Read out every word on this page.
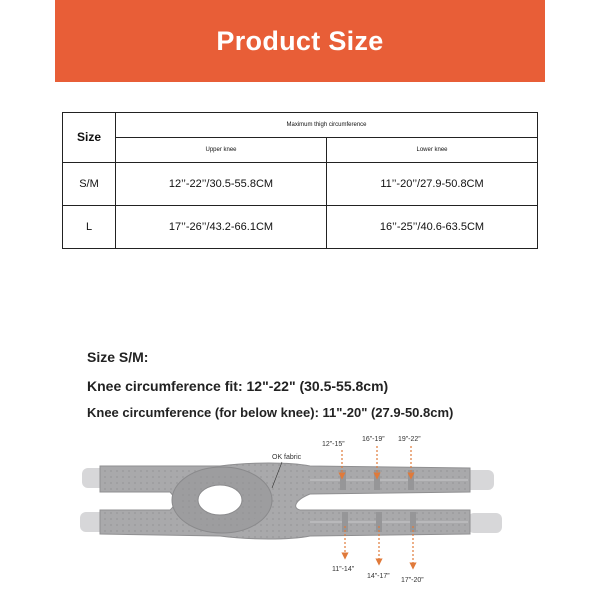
Product Size
Size	Maximum thigh circumference	
	Upper knee	Lower knee
S/M	12’’-22’’/30.5-55.8CM	11’’-20’’/27.9-50.8CM
L	17’’-26’’/43.2-66.1CM	16’’-25’’/40.6-63.5CM
Size S/M:
Knee circumference fit: 12"-22" (30.5-55.8cm)
Knee circumference (for below knee): 11"-20" (27.9-50.8cm)
OK fabric
12”-15”
16”-19” 19”-22”
11”-14”
14”-17”
17”-20”
